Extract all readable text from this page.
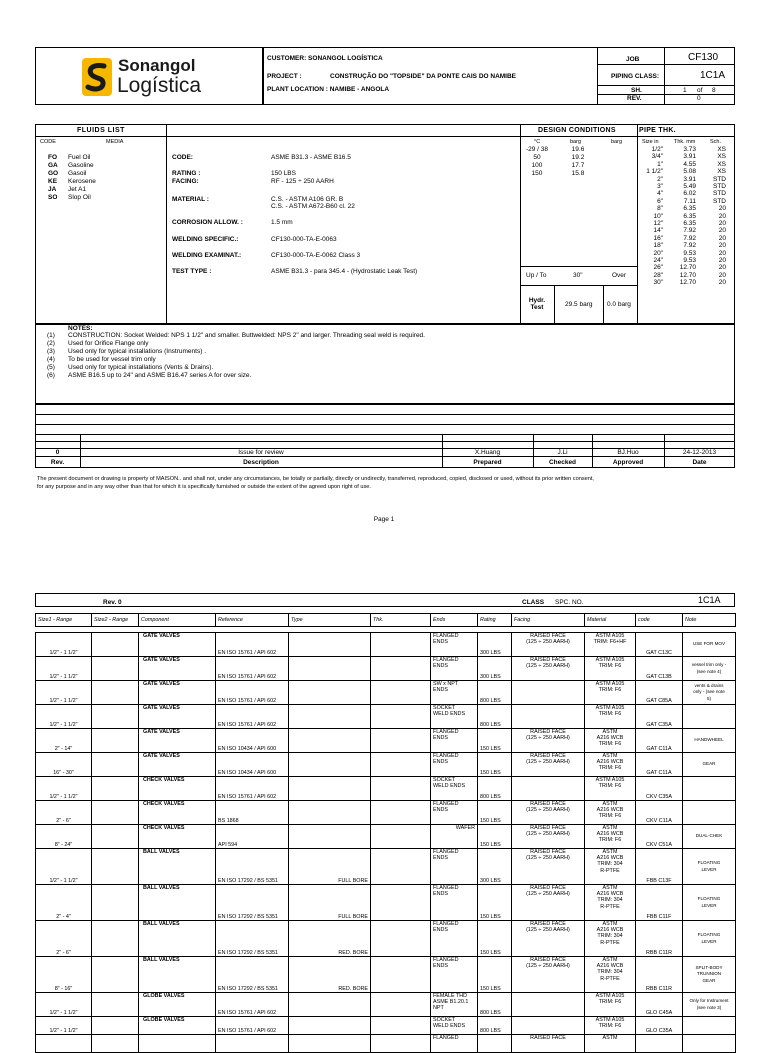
Sonangol
Logística
CUSTOMER: SONANGOL LOGÍSTICA
PROJECT :	CONSTRUÇÃO DO "TOPSIDE" DA PONTE CAIS DO NAMIBE
PLANT LOCATION : NAMIBE - ANGOLA
JOB	CF130
PIPING CLASS:	1C1A
SH.	1 of 8
REV.	0
FLUIDS LIST
CODE	MEDIA
FO Fuel Oil
GA Gasoline
GO Gasoil
KE Kerosene
JA Jet A1
SO Slop Oil
CODE:	ASME B31.3 - ASME B16.5
RATING :	150 LBS
FACING:	RF - 125 ÷ 250 AARH
MATERIAL :	C.S. - ASTM A106 GR. B
C.S. - ASTM A672-B60 cl. 22
CORROSION ALLOW. :	1.5 mm
WELDING SPECIFIC.:	CF130-000-TA-E-0063
WELDING EXAMINAT.:	CF130-000-TA-E-0062 Class 3
TEST TYPE :	ASME B31.3 - para 345.4 - (Hydrostatic Leak Test)
DESIGN CONDITIONS
°C	barg	barg
-29 / 38	19.6
50	19.2
100	17.7
150	15.8
Up / To	30"	Over
Hydr.
Test	29.5 barg 0.0 barg
PIPE THK.
Size in	Thk. mm	Sch.
1/2"	3.73	XS
3/4"	3.91	XS
1"	4.55	XS
1 1/2"	5.08	XS
2"	3.91	STD
3"	5.49	STD
4"	6.02	STD
6"	7.11	STD
8"	6.35	20
10"	6.35	20
12"	6.35	20
14"	7.92	20
16"	7.92	20
18"	7.92	20
20"	9.53	20
24"	9.53	20
26"	12.70	20
28"	12.70	20
30"	12.70	20
NOTES:
(1) CONSTRUCTION: Socket Welded: NPS 1 1/2" and smaller. Buttwelded: NPS 2" and larger. Threading seal weld is required.
(2) Used for Orifice Flange only
(3) Used only for typical installations (Instruments) .
(4) To be used for vessel trim only
(5) Used only for typical installations (Vents & Drains).
(6) ASME B16.5 up to 24" and ASME B16.47 series A for over size.
0	Issue for review	X.Huang	J.Li	BJ.Huo	24-12-2013
Rev.	Description	Prepared	Checked	Approved	Date
The present document or drawing is property of MAISON.. and shall not, under any circumstances, be totally or partially, directly or undirectly, transferred, reproduced, copied, disclosed or used, without its prior written consent,
for any purpose and in any way other than that for which it is specifically furnished or outside the extent of the agreed upon right of use.
Page 1
Rev. 0	CLASS SPC. NO.	1C1A
Size1 - Range	Size2 - Range	Component	Reference	Type	Thk.	Ends	Rating	Facing	Material	code	Note

1/2" - 1 1/2"		GATE VALVES	EN ISO 15761 / API 602			FLANGED
ENDS	300 LBS	RAISED FACE
(125 ÷ 250 AARH)	ASTM A105
TRIM: F6+HF	GAT C13C	USE FOR MOV
1/2" - 1 1/2"		GATE VALVES	EN ISO 15761 / API 602			FLANGED
ENDS	300 LBS	RAISED FACE
(125 ÷ 250 AARH)	ASTM A105
TRIM: F6	GAT C13B	vessel trim only -
(see note 4)
1/2" - 1 1/2"		GATE VALVES	EN ISO 15761 / API 602			SW x NPT
ENDS	800 LBS		ASTM A105
TRIM: F6	GAT C85A	vents & drains
only - (see note
5)
1/2" - 1 1/2"		GATE VALVES	EN ISO 15761 / API 602			SOCKET
WELD ENDS	800 LBS		ASTM A105
TRIM: F6	GAT C35A	
2" - 14"		GATE VALVES	EN ISO 10434 / API 600			FLANGED
ENDS	150 LBS	RAISED FACE
(125 ÷ 250 AARH)	ASTM
A216 WCB
TRIM: F6	GAT C11A	HANDWHEEL
16" - 30"		GATE VALVES	EN ISO 10434 / API 600			FLANGED
ENDS	150 LBS	RAISED FACE
(125 ÷ 250 AARH)	ASTM
A216 WCB
TRIM: F6	GAT C11A	GEAR
1/2" - 1 1/2"		CHECK VALVES	EN ISO 15761 / API 602			SOCKET
WELD ENDS	800 LBS		ASTM A105
TRIM: F6	CKV C35A	
2" - 6"		CHECK VALVES	BS 1868			FLANGED
ENDS	150 LBS	RAISED FACE
(125 ÷ 250 AARH)	ASTM
A216 WCB
TRIM: F6	CKV C11A	
8" - 24"		CHECK VALVES	API 594			WAFER	150 LBS	RAISED FACE
(125 ÷ 250 AARH)	ASTM
A216 WCB
TRIM: F6	CKV C51A	DUAL-CHEK
1/2" - 1 1/2"		BALL VALVES	EN ISO 17292 / BS 5351	FULL BORE		FLANGED
ENDS	300 LBS	RAISED FACE
(125 ÷ 250 AARH)	ASTM
A216 WCB
TRIM: 304
R-PTFE	FBB C13F	FLOATING
LEVER
2" - 4"		BALL VALVES	EN ISO 17292 / BS 5351	FULL BORE		FLANGED
ENDS	150 LBS	RAISED FACE
(125 ÷ 250 AARH)	ASTM
A216 WCB
TRIM: 304
R-PTFE	FBB C11F	FLOATING
LEVER
2" - 6"		BALL VALVES	EN ISO 17292 / BS 5351	RED. BORE		FLANGED
ENDS	150 LBS	RAISED FACE
(125 ÷ 250 AARH)	ASTM
A216 WCB
TRIM: 304
R-PTFE	RBB C11R	FLOATING
LEVER
8" - 16"		BALL VALVES	EN ISO 17292 / BS 5351	RED. BORE		FLANGED
ENDS	150 LBS	RAISED FACE
(125 ÷ 250 AARH)	ASTM
A216 WCB
TRIM: 304
R-PTFE	RBB C11R	SPLIT-BODY
TRUNNION
GEAR
1/2" - 1 1/2"		GLOBE VALVES	EN ISO 15761 / API 602			FEMALE THD
ASME B1.20.1
NPT	800 LBS		ASTM A105
TRIM: F6	GLO C45A	Only for Instrument
(see note 3)
1/2" - 1 1/2"		GLOBE VALVES	EN ISO 15761 / API 602			SOCKET
WELD ENDS	800 LBS		ASTM A105
TRIM: F6	GLO C35A	
						FLANGED		RAISED FACE	ASTM		
